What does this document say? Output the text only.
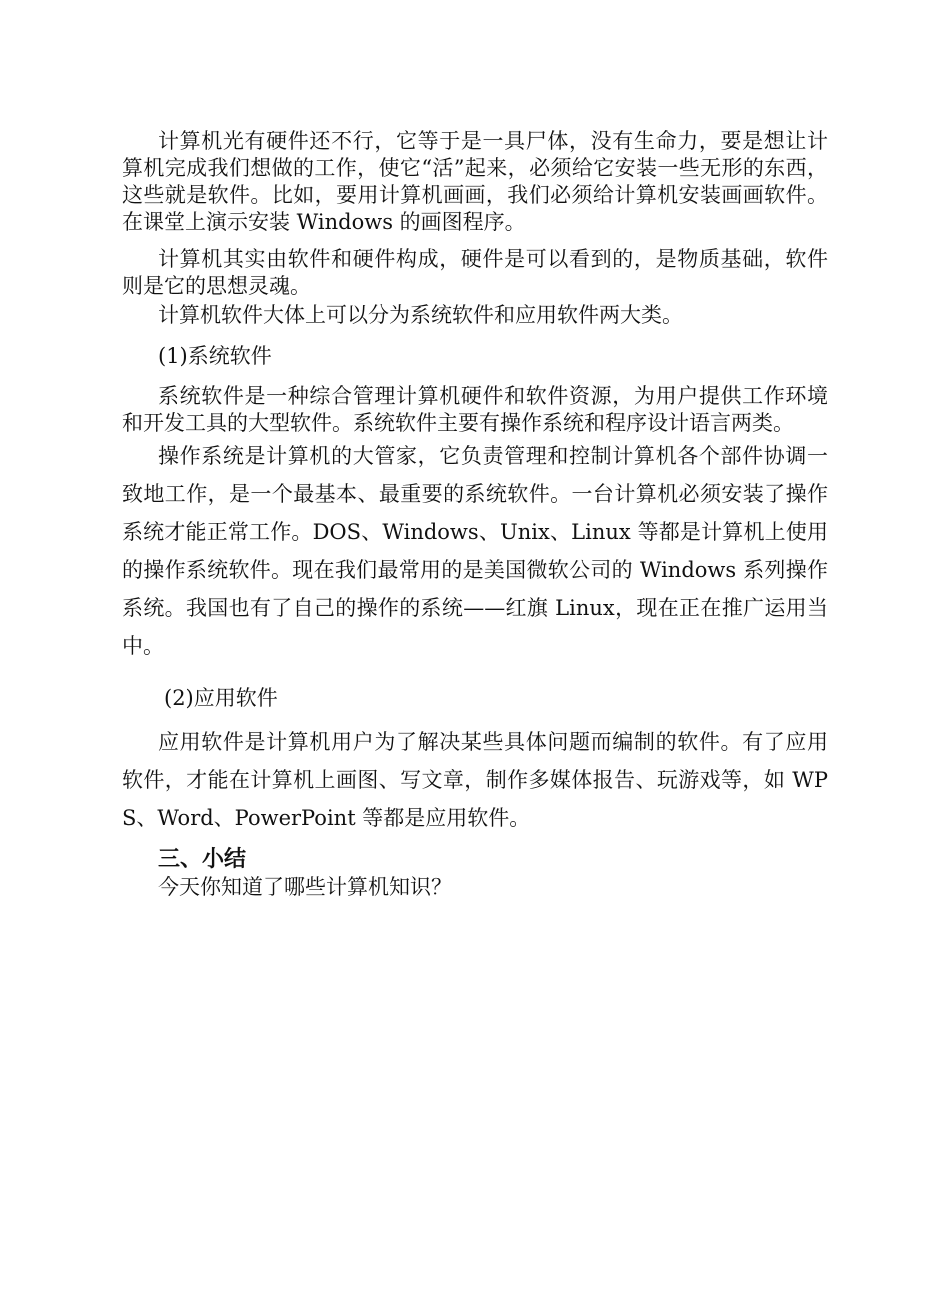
计算机光有硬件还不行，它等于是一具尸体，没有生命力，要是想让计算机完成我们想做的工作，使它“活”起来，必须给它安装一些无形的东西，这些就是软件。比如，要用计算机画画，我们必须给计算机安装画画软件。 在课堂上演示安装 Windows 的画图程序。

计算机其实由软件和硬件构成，硬件是可以看到的，是物质基础，软件则是它的思想灵魂。

计算机软件大体上可以分为系统软件和应用软件两大类。

(1)系统软件

系统软件是一种综合管理计算机硬件和软件资源，为用户提供工作环境和开发工具的大型软件。系统软件主要有操作系统和程序设计语言两类。

操作系统是计算机的大管家，它负责管理和控制计算机各个部件协调一致地工作，是一个最基本、最重要的系统软件。一台计算机必须安装了操作系统才能正常工作。DOS、Windows、Unix、Linux 等都是计算机上使用的操作系统软件。现在我们最常用的是美国微软公司的 Windows 系列操作系统。我国也有了自己的操作的系统——红旗 Linux，现在正在推广运用当中。

(2)应用软件

应用软件是计算机用户为了解决某些具体问题而编制的软件。有了应用软件，才能在计算机上画图、写文章，制作多媒体报告、玩游戏等，如 WPS、Word、PowerPoint 等都是应用软件。

三、小结

今天你知道了哪些计算机知识？
